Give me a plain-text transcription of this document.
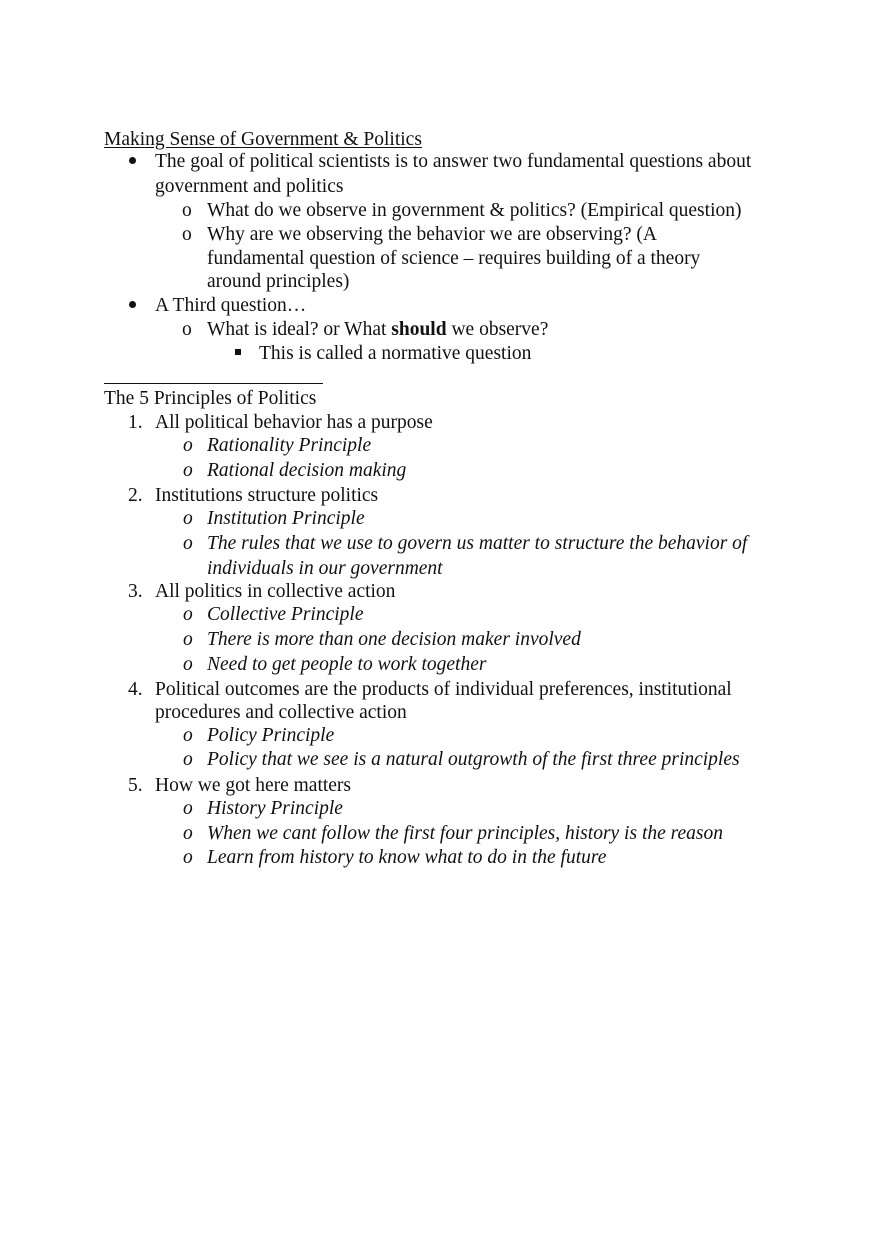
Making Sense of Government & Politics
The goal of political scientists is to answer two fundamental questions about
government and politics
o What do we observe in government & politics? (Empirical question)
o Why are we observing the behavior we are observing? (A
fundamental question of science – requires building of a theory
around principles)
A Third question…
o What is ideal? or What should we observe?
This is called a normative question
The 5 Principles of Politics
1. All political behavior has a purpose
o Rationality Principle
o Rational decision making
2. Institutions structure politics
o Institution Principle
o The rules that we use to govern us matter to structure the behavior of
individuals in our government
3. All politics in collective action
o Collective Principle
o There is more than one decision maker involved
o Need to get people to work together
4. Political outcomes are the products of individual preferences, institutional
procedures and collective action
o Policy Principle
o Policy that we see is a natural outgrowth of the first three principles
5. How we got here matters
o History Principle
o When we cant follow the first four principles, history is the reason
o Learn from history to know what to do in the future
